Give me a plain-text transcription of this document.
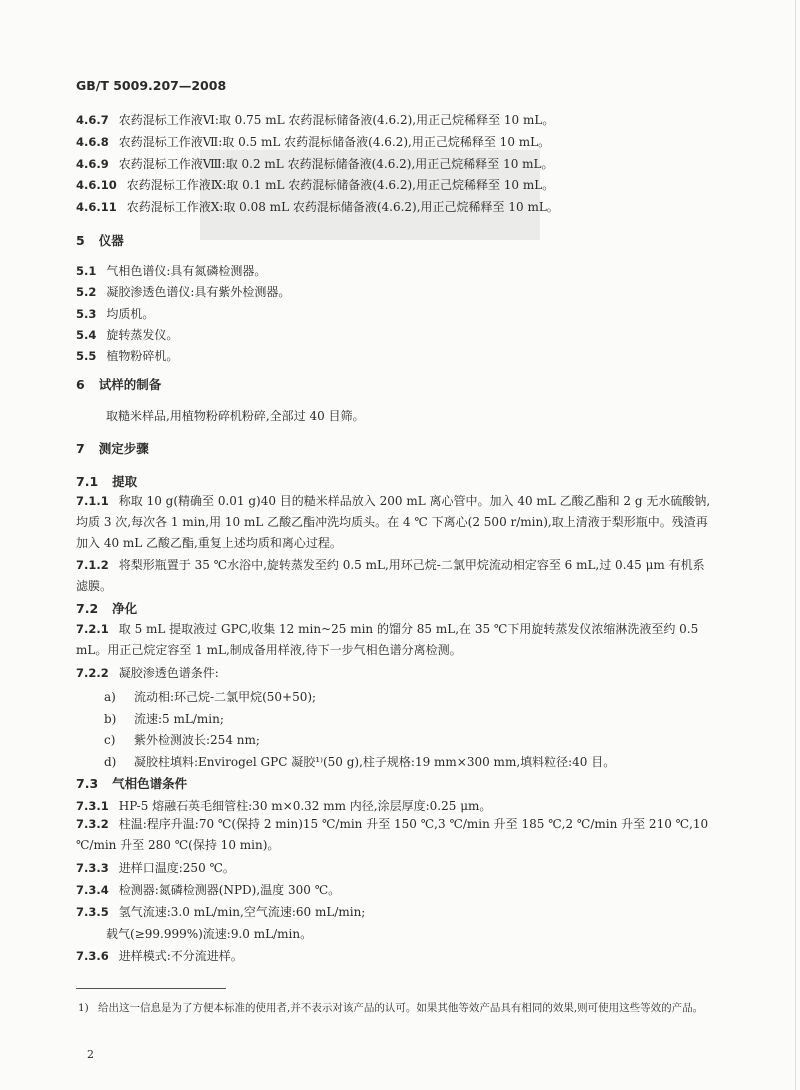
GB/T 5009.207—2008
4.6.7 农药混标工作液Ⅵ:取 0.75 mL 农药混标储备液(4.6.2),用正己烷稀释至 10 mL。
4.6.8 农药混标工作液Ⅶ:取 0.5 mL 农药混标储备液(4.6.2),用正己烷稀释至 10 mL。
4.6.9 农药混标工作液Ⅷ:取 0.2 mL 农药混标储备液(4.6.2),用正己烷稀释至 10 mL。
4.6.10 农药混标工作液Ⅸ:取 0.1 mL 农药混标储备液(4.6.2),用正己烷稀释至 10 mL。
4.6.11 农药混标工作液Ⅹ:取 0.08 mL 农药混标储备液(4.6.2),用正己烷稀释至 10 mL。
5 仪器
5.1 气相色谱仪:具有氮磷检测器。
5.2 凝胶渗透色谱仪:具有紫外检测器。
5.3 均质机。
5.4 旋转蒸发仪。
5.5 植物粉碎机。
6 试样的制备
取糙米样品,用植物粉碎机粉碎,全部过 40 目筛。
7 测定步骤
7.1 提取
7.1.1 称取 10 g(精确至 0.01 g)40 目的糙米样品放入 200 mL 离心管中。加入 40 mL 乙酸乙酯和 2 g 无水硫酸钠,均质 3 次,每次各 1 min,用 10 mL 乙酸乙酯冲洗均质头。在 4 ℃ 下离心(2 500 r/min),取上清液于梨形瓶中。残渣再加入 40 mL 乙酸乙酯,重复上述均质和离心过程。
7.1.2 将梨形瓶置于 35 ℃水浴中,旋转蒸发至约 0.5 mL,用环己烷-二氯甲烷流动相定容至 6 mL,过 0.45 μm 有机系滤膜。
7.2 净化
7.2.1 取 5 mL 提取液过 GPC,收集 12 min~25 min 的馏分 85 mL,在 35 ℃下用旋转蒸发仪浓缩淋洗液至约 0.5 mL。用正己烷定容至 1 mL,制成备用样液,待下一步气相色谱分离检测。
7.2.2 凝胶渗透色谱条件:
a) 流动相:环己烷-二氯甲烷(50+50);
b) 流速:5 mL/min;
c) 紫外检测波长:254 nm;
d) 凝胶柱填料:Envirogel GPC 凝胶¹⁾(50 g),柱子规格:19 mm×300 mm,填料粒径:40 目。
7.3 气相色谱条件
7.3.1 HP-5 熔融石英毛细管柱:30 m×0.32 mm 内径,涂层厚度:0.25 μm。
7.3.2 柱温:程序升温:70 ℃(保持 2 min)15 ℃/min 升至 150 ℃,3 ℃/min 升至 185 ℃,2 ℃/min 升至 210 ℃,10 ℃/min 升至 280 ℃(保持 10 min)。
7.3.3 进样口温度:250 ℃。
7.3.4 检测器:氮磷检测器(NPD),温度 300 ℃。
7.3.5 氢气流速:3.0 mL/min,空气流速:60 mL/min;
载气(≥99.999%)流速:9.0 mL/min。
7.3.6 进样模式:不分流进样。
1) 给出这一信息是为了方便本标准的使用者,并不表示对该产品的认可。如果其他等效产品具有相同的效果,则可使用这些等效的产品。
2
